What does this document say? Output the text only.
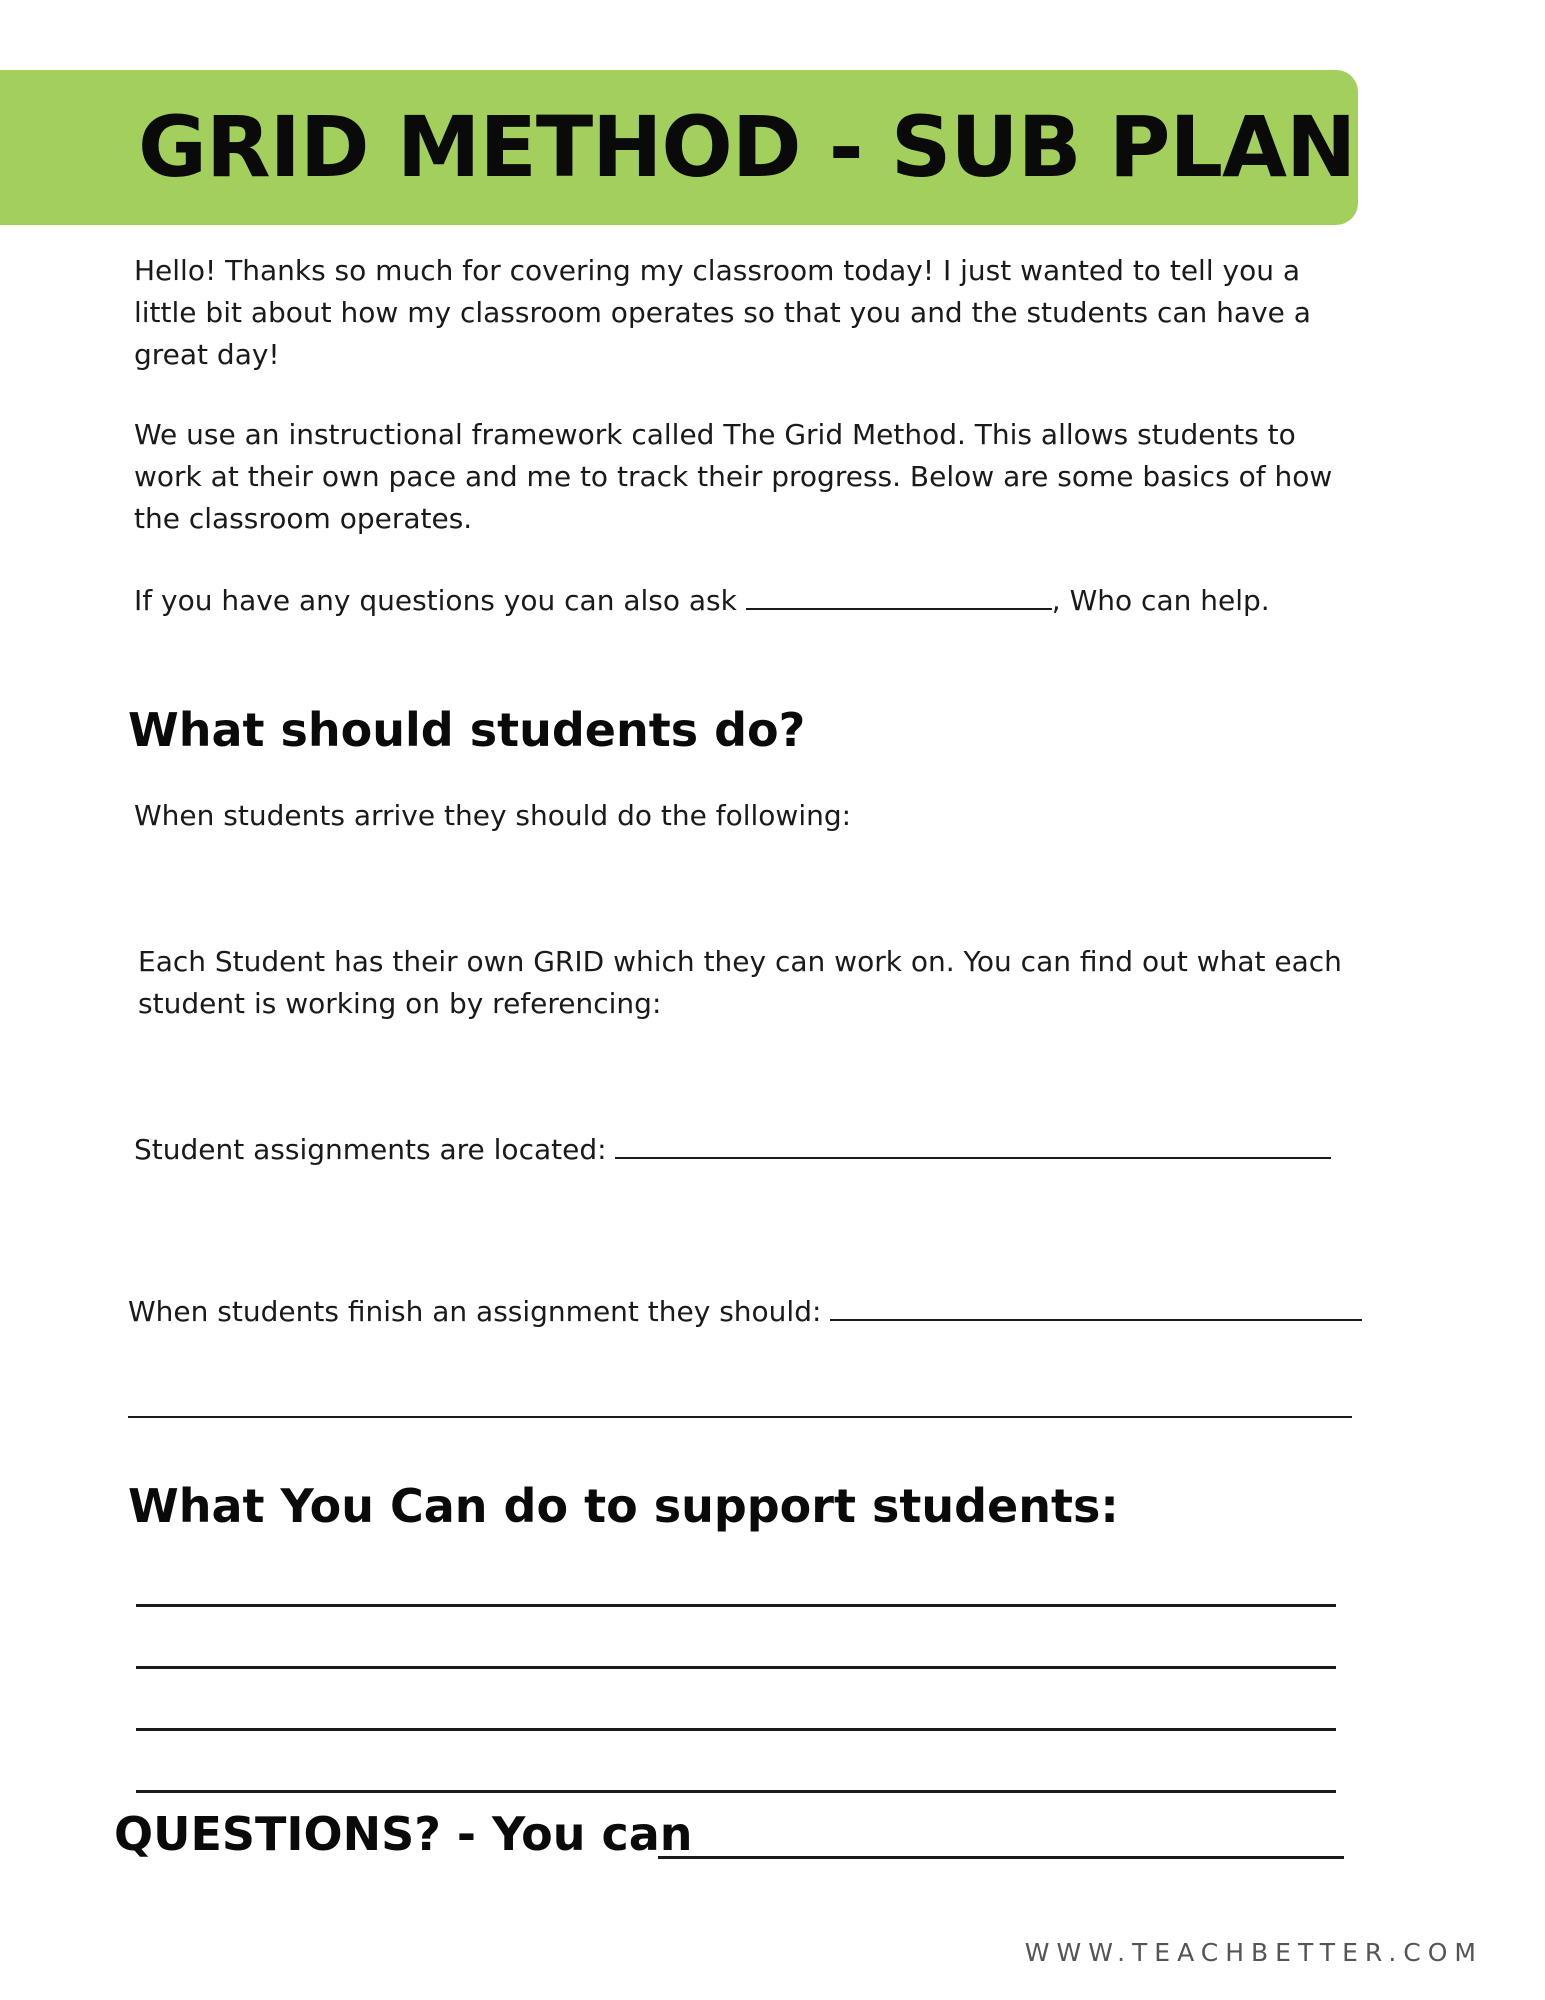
GRID METHOD - SUB PLAN

Hello! Thanks so much for covering my classroom today! I just wanted to tell you a little bit about how my classroom operates so that you and the students can have a great day!

We use an instructional framework called The Grid Method. This allows students to work at their own pace and me to track their progress. Below are some basics of how the classroom operates.

If you have any questions you can also ask	, Who can help.

What should students do?

When students arrive they should do the following:

Each Student has their own GRID which they can work on. You can find out what each student is working on by referencing:

Student assignments are located:

When students finish an assignment they should:

What You Can do to support students:
QUESTIONS? - You can
WWW.TEACHBETTER.COM
